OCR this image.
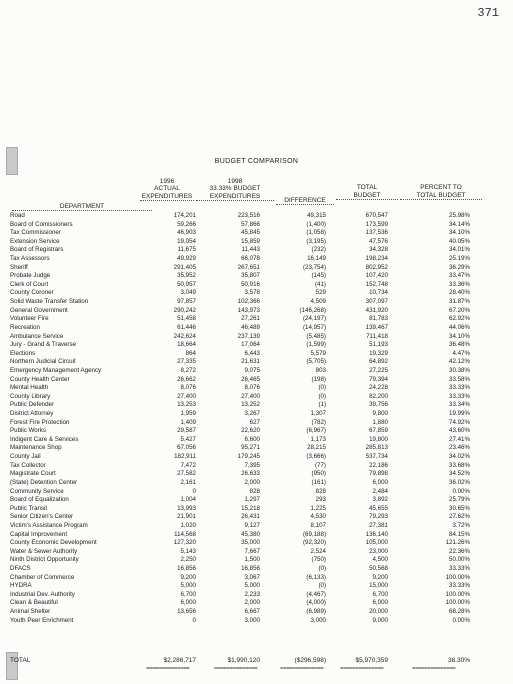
371
BUDGET COMPARISON
DEPARTMENT
1996
ACTUAL
EXPENDITURES
1998
33.33% BUDGET
EXPENDITURES
DIFFERENCE
TOTAL
BUDGET
PERCENT TO
TOTAL BUDGET
Road	174,201	223,516	49,315	670,547	25.98%
Board of Comissioners	59,266	57,866	(1,400)	173,599	34.14%
Tax Commissioner	46,903	45,845	(1,058)	137,536	34.10%
Extension Service	19,054	15,859	(3,195)	47,576	40.05%
Board of Registrars	11,675	11,443	(232)	34,328	34.01%
Tax Assessors	49,929	66,078	16,149	198,234	25.19%
Sheriff	291,405	267,651	(23,754)	802,952	36.29%
Probate Judge	35,952	35,807	(145)	107,420	33.47%
Clerk of Court	50,957	50,916	(41)	152,748	33.36%
County Coroner	3,049	3,578	529	10,734	28.40%
Solid Waste Transfer Station	97,857	102,366	4,509	307,097	31.87%
General Government	290,242	143,973	(146,268)	431,920	67.20%
Volunteer Fire	51,458	27,261	(24,197)	81,783	62.92%
Recreation	61,446	46,489	(14,957)	139,467	44.06%
Ambulance Service	242,624	237,139	(5,485)	711,418	34.10%
Jury - Grand & Traverse	18,664	17,064	(1,599)	51,193	36.48%
Elections	864	6,443	5,579	19,329	4.47%
Northern Judicial Circuit	27,335	21,631	(5,705)	64,892	42.12%
Emergency Management Agency	8,272	9,075	803	27,225	30.38%
County Health Center	26,662	26,465	(198)	79,394	33.58%
Mental Health	8,076	8,076	(0)	24,228	33.33%
County Library	27,400	27,400	(0)	82,200	33.33%
Public Defender	13,253	13,252	(1)	39,756	33.34%
District Attorney	1,959	3,267	1,307	9,800	19.99%
Forest Fire Protection	1,409	627	(782)	1,880	74.92%
Public Works	29,587	22,620	(6,967)	67,859	43.60%
Indigent Care & Services	5,427	6,600	1,173	19,800	27.41%
Maintenance Shop	67,056	95,271	28,215	285,813	23.46%
County Jail	182,911	179,245	(3,666)	537,734	34.02%
Tax Collector	7,472	7,395	(77)	22,186	33.68%
Magistrate Court	27,582	26,633	(950)	79,898	34.52%
(State) Detention Center	2,161	2,000	(161)	6,000	36.02%
Community Service	0	828	828	2,484	0.00%
Board of Equalization	1,004	1,297	293	3,892	25.79%
Public Transit	13,993	15,218	1,225	45,655	30.65%
Senior Citizen's Center	21,901	26,431	4,530	79,293	27.62%
Victim's Assistance Program	1,020	9,127	8,107	27,381	3.72%
Capital Improvement	114,568	45,380	(69,188)	136,140	84.15%
County Economic Development	127,320	35,000	(92,320)	105,000	121.26%
Water & Sewer Authority	5,143	7,667	2,524	23,000	22.36%
Ninth District Opportunity	2,250	1,500	(750)	4,500	50.00%
DFACS	16,856	16,856	(0)	50,568	33.33%
Chamber of Commerce	9,200	3,067	(6,133)	9,200	100.00%
HYDRA	5,000	5,000	(0)	15,000	33.33%
Industrial Dev. Authority	6,700	2,233	(4,467)	6,700	100.00%
Clean & Beautiful	6,000	2,000	(4,000)	6,000	100.00%
Animal Shelter	13,656	6,667	(6,989)	20,000	68.28%
Youth Peer Enrichment	0	3,000	3,000	9,000	0.00%
TOTAL	$2,286,717	$1,990,120	($296,598)	$5,970,359	38.30%
==============	==============	==============	==============	==============
